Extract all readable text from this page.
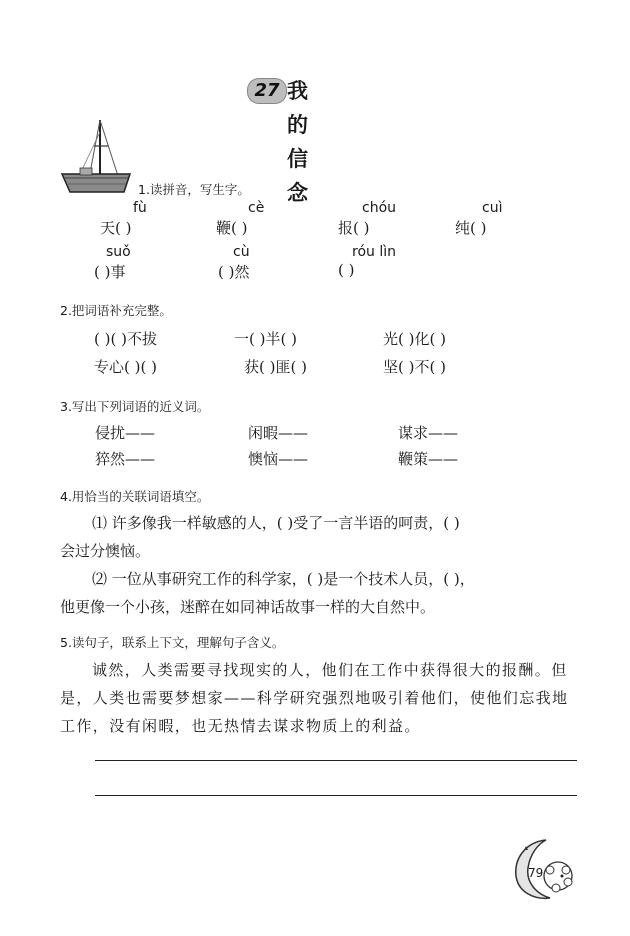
27 我的信念
1.读拼音，写生字。
fù	cè	chóu	cuì
天( )	鞭( )	报( )	纯( )
suǒ	cù	róu lìn
( )事	( )然	( )
2.把词语补充完整。
( )( )不拔	一( )半( )	光( )化( )
专心( )( )	获( )匪( )	坚( )不( )
3.写出下列词语的近义词。
侵扰——	闲暇——	谋求——
猝然——	懊恼——	鞭策——
4.用恰当的关联词语填空。
⑴ 许多像我一样敏感的人，( )受了一言半语的呵责，( )
会过分懊恼。
⑵ 一位从事研究工作的科学家，( )是一个技术人员，( )，
他更像一个小孩，迷醉在如同神话故事一样的大自然中。
5.读句子，联系上下文，理解句子含义。
诚然，人类需要寻找现实的人，他们在工作中获得很大的报酬。但
是，人类也需要梦想家——科学研究强烈地吸引着他们，使他们忘我地
工作，没有闲暇，也无热情去谋求物质上的利益。
79
